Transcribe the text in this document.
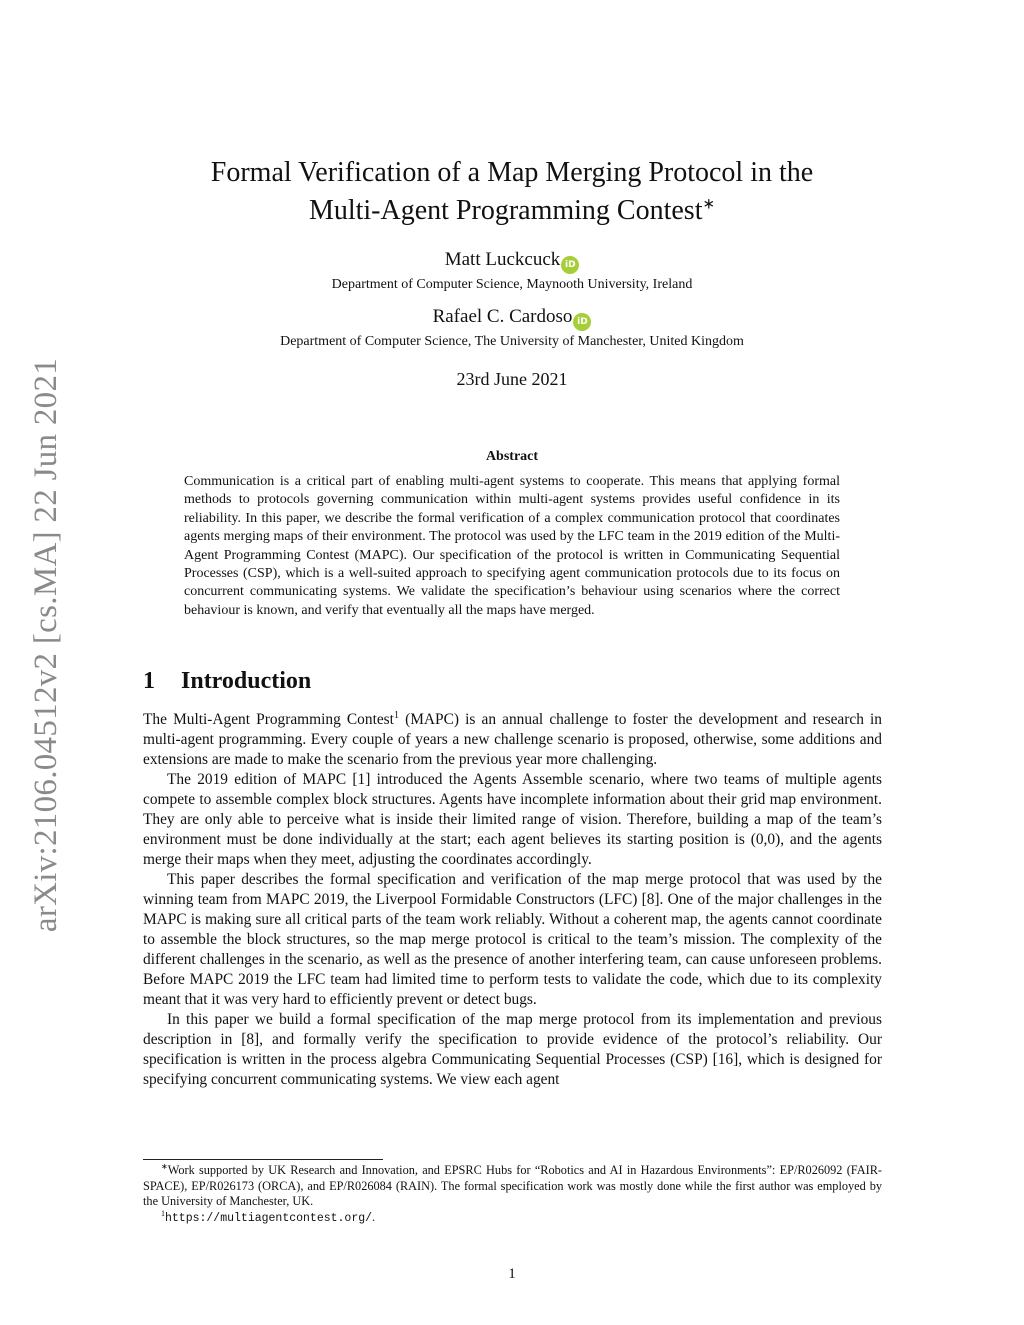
arXiv:2106.04512v2 [cs.MA] 22 Jun 2021
Formal Verification of a Map Merging Protocol in the
Multi-Agent Programming Contest∗
Matt Luckcuck iD
Department of Computer Science, Maynooth University, Ireland
Rafael C. Cardoso iD
Department of Computer Science, The University of Manchester, United Kingdom
23rd June 2021
Abstract

Communication is a critical part of enabling multi-agent systems to cooperate. This means that applying formal methods to protocols governing communication within multi-agent systems provides useful confidence in its reliability. In this paper, we describe the formal verification of a complex communication protocol that coordinates agents merging maps of their environment. The protocol was used by the LFC team in the 2019 edition of the Multi-Agent Programming Contest (MAPC). Our specification of the protocol is written in Communicating Sequential Processes (CSP), which is a well-suited approach to specifying agent communication protocols due to its focus on concurrent communicating systems. We validate the specification’s behaviour using scenarios where the correct behaviour is known, and verify that eventually all the maps have merged.

1 Introduction

The Multi-Agent Programming Contest$^1$ (MAPC) is an annual challenge to foster the development and research in multi-agent programming. Every couple of years a new challenge scenario is proposed, otherwise, some additions and extensions are made to make the scenario from the previous year more challenging.

The 2019 edition of MAPC [1] introduced the Agents Assemble scenario, where two teams of multiple agents compete to assemble complex block structures. Agents have incomplete information about their grid map environment. They are only able to perceive what is inside their limited range of vision. Therefore, building a map of the team’s environment must be done individually at the start; each agent believes its starting position is (0,0), and the agents merge their maps when they meet, adjusting the coordinates accordingly.

This paper describes the formal specification and verification of the map merge protocol that was used by the winning team from MAPC 2019, the Liverpool Formidable Constructors (LFC) [8]. One of the major challenges in the MAPC is making sure all critical parts of the team work reliably. Without a coherent map, the agents cannot coordinate to assemble the block structures, so the map merge protocol is critical to the team’s mission. The complexity of the different challenges in the scenario, as well as the presence of another interfering team, can cause unforeseen problems. Before MAPC 2019 the LFC team had limited time to perform tests to validate the code, which due to its complexity meant that it was very hard to efficiently prevent or detect bugs.

In this paper we build a formal specification of the map merge protocol from its implementation and previous description in [8], and formally verify the specification to provide evidence of the protocol’s reliability. Our specification is written in the process algebra Communicating Sequential Processes (CSP) [16], which is designed for specifying concurrent communicating systems. We view each agent

∗Work supported by UK Research and Innovation, and EPSRC Hubs for “Robotics and AI in Hazardous Environments”: EP/R026092 (FAIR-SPACE), EP/R026173 (ORCA), and EP/R026084 (RAIN). The formal specification work was mostly done while the first author was employed by the University of Manchester, UK.

$^1$https://multiagentcontest.org/.

1
